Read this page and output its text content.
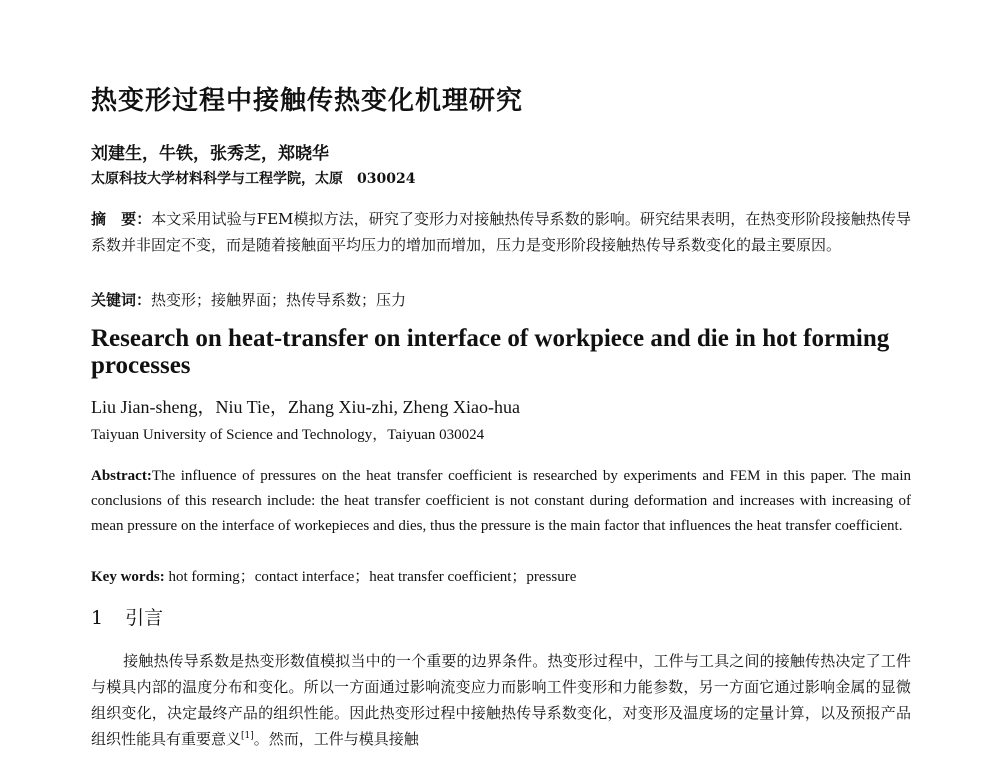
热变形过程中接触传热变化机理研究
刘建生，牛铁，张秀芝，郑晓华
太原科技大学材料科学与工程学院，太原　030024
摘　要：本文采用试验与FEM模拟方法，研究了变形力对接触热传导系数的影响。研究结果表明，在热变形阶段接触热传导系数并非固定不变，而是随着接触面平均压力的增加而增加，压力是变形阶段接触热传导系数变化的最主要原因。
关键词：热变形；接触界面；热传导系数；压力
Research on heat-transfer on interface of workpiece and die in hot forming processes
Liu Jian-sheng，Niu Tie，Zhang Xiu-zhi, Zheng Xiao-hua
Taiyuan University of Science and Technology，Taiyuan 030024
Abstract:The influence of pressures on the heat transfer coefficient is researched by experiments and FEM in this paper. The main conclusions of this research include: the heat transfer coefficient is not constant during deformation and increases with increasing of mean pressure on the interface of workepieces and dies, thus the pressure is the main factor that influences the heat transfer coefficient.
Key words: hot forming；contact interface；heat transfer coefficient；pressure
1 引言
接触热传导系数是热变形数值模拟当中的一个重要的边界条件。热变形过程中，工件与工具之间的接触传热决定了工件与模具内部的温度分布和变化。所以一方面通过影响流变应力而影响工件变形和力能参数，另一方面它通过影响金属的显微组织变化，决定最终产品的组织性能。因此热变形过程中接触热传导系数变化，对变形及温度场的定量计算，以及预报产品组织性能具有重要意义[1]。然而，工件与模具接触
